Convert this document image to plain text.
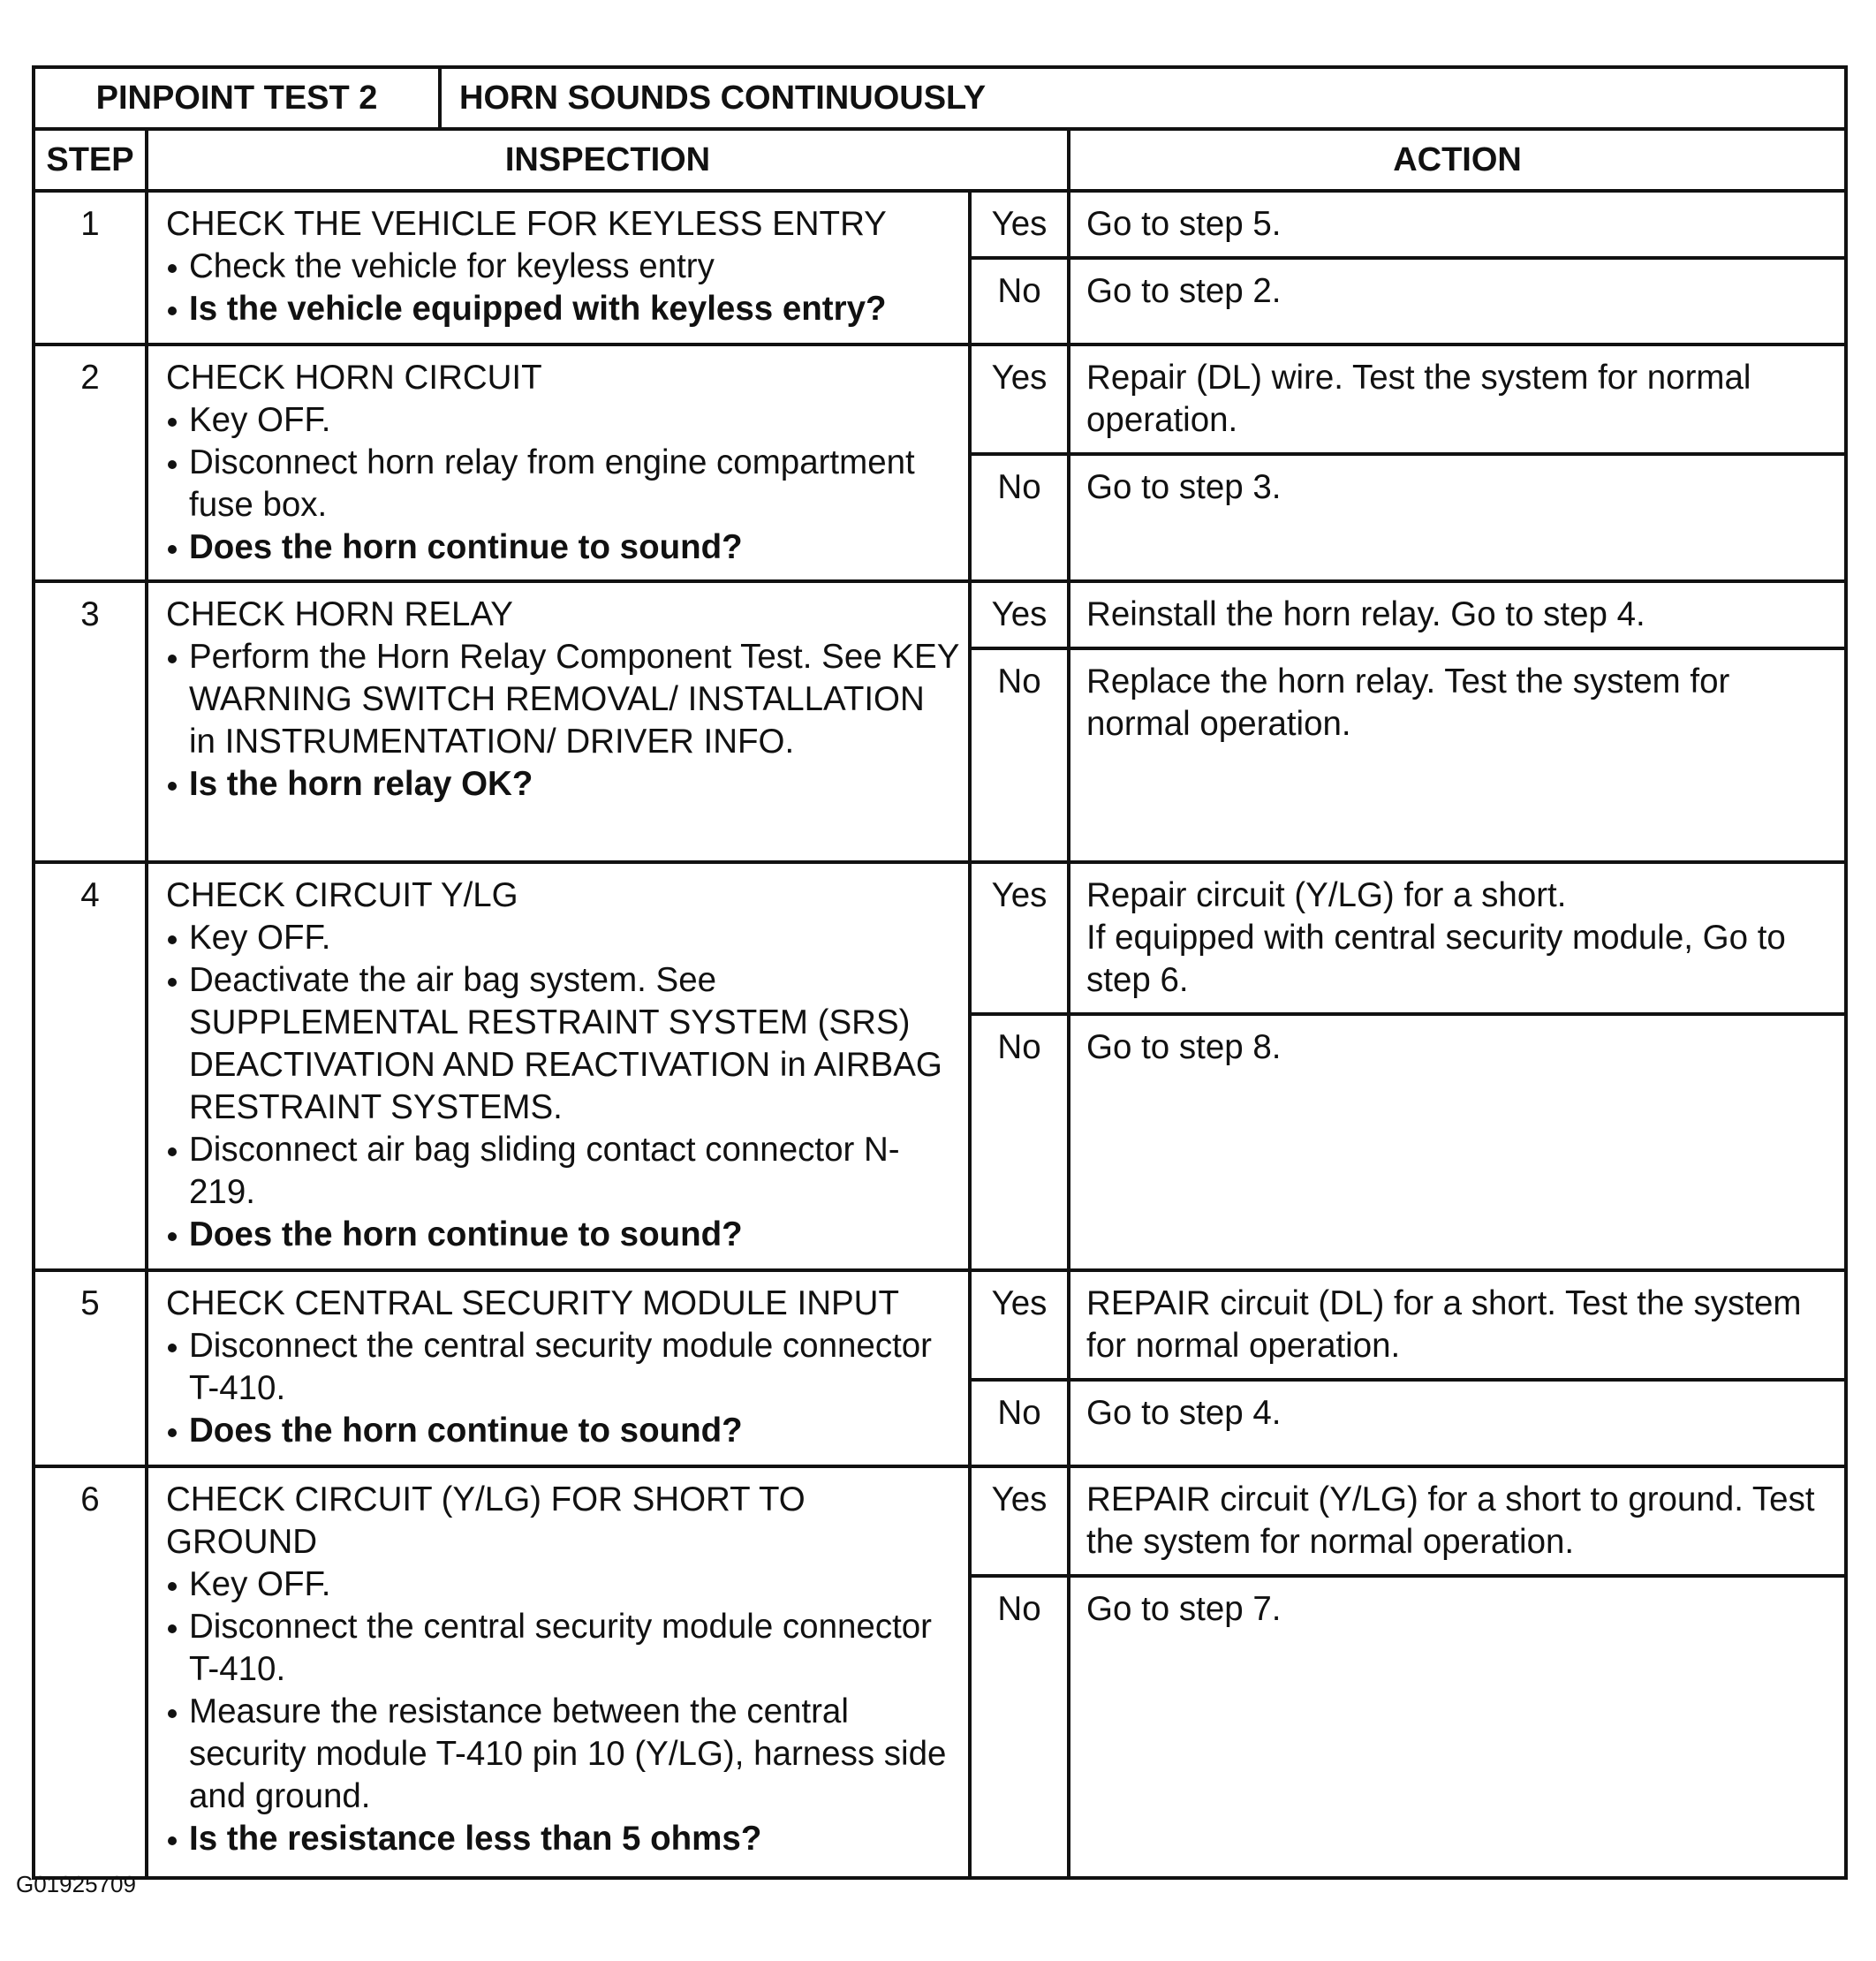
PINPOINT TEST 2		HORN SOUNDS CONTINUOUSLY		
STEP	INSPECTION			ACTION
1	CHECK THE VEHICLE FOR KEYLESS ENTRY
Check the vehicle for keyless entry
Is the vehicle equipped with keyless entry?		Yes	Go to step 5.

			No	Go to step 2.

2	CHECK HORN CIRCUIT
Key OFF.
Disconnect horn relay from engine compartment fuse box.
Does the horn continue to sound?		Yes	Repair (DL) wire. Test the system for normal operation.

			No	Go to step 3.

3	CHECK HORN RELAY
Perform the Horn Relay Component Test. See KEY WARNING SWITCH REMOVAL/ INSTALLATION in INSTRUMENTATION/ DRIVER INFO.
Is the horn relay OK?		Yes	Reinstall the horn relay. Go to step 4.

			No	Replace the horn relay. Test the system for normal operation.

4	CHECK CIRCUIT Y/LG
Key OFF.
Deactivate the air bag system. See SUPPLEMENTAL RESTRAINT SYSTEM (SRS) DEACTIVATION AND REACTIVATION in AIRBAG RESTRAINT SYSTEMS.
Disconnect air bag sliding contact connector N-219.
Does the horn continue to sound?		Yes	Repair circuit (Y/LG) for a short.
If equipped with central security module, Go to step 6.

			No	Go to step 8.

5	CHECK CENTRAL SECURITY MODULE INPUT
Disconnect the central security module connector T-410.
Does the horn continue to sound?		Yes	REPAIR circuit (DL) for a short. Test the system for normal operation.

			No	Go to step 4.

6	CHECK CIRCUIT (Y/LG) FOR SHORT TO GROUND
Key OFF.
Disconnect the central security module connector T-410.
Measure the resistance between the central security module T-410 pin 10 (Y/LG), harness side and ground.
Is the resistance less than 5 ohms?		Yes	REPAIR circuit (Y/LG) for a short to ground. Test the system for normal operation.

			No	Go to step 7.
G01925709
